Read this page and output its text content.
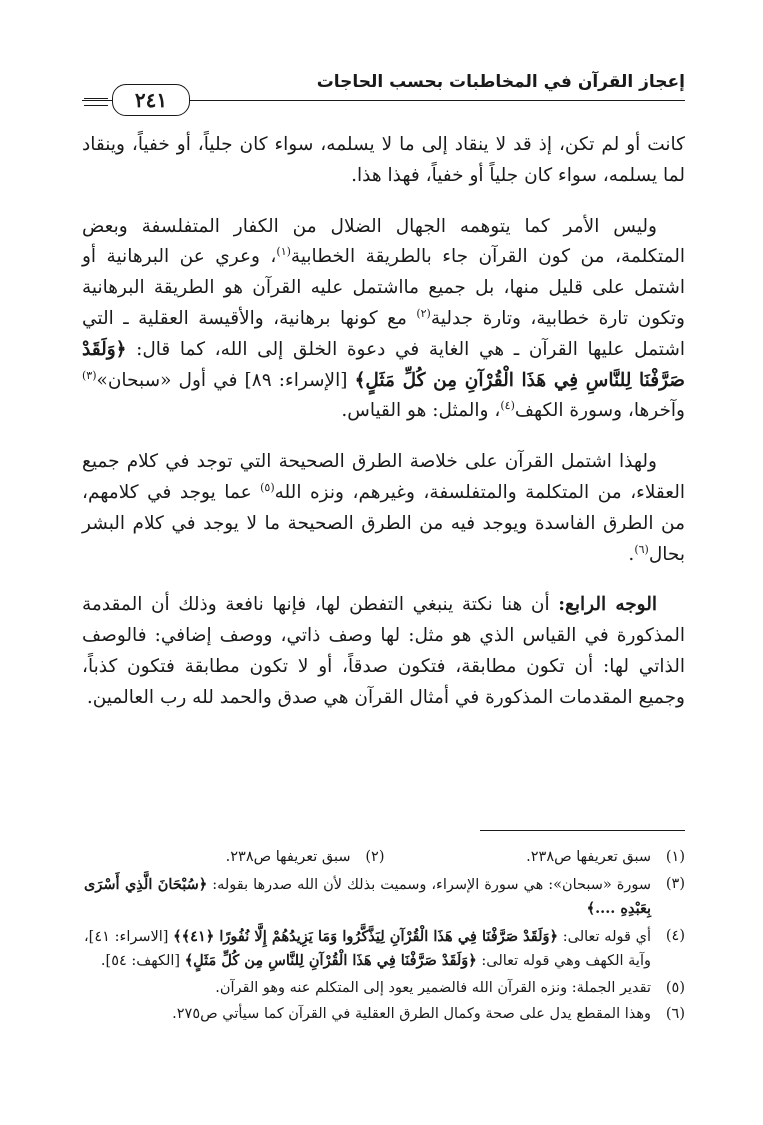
إعجاز القرآن في المخاطبات بحسب الحاجات
٢٤١

كانت أو لم تكن، إذ قد لا ينقاد إلى ما لا يسلمه، سواء كان جلياً، أو خفياً، وينقاد لما يسلمه، سواء كان جلياً أو خفياً، فهذا هذا.

وليس الأمر كما يتوهمه الجهال الضلال من الكفار المتفلسفة وبعض المتكلمة، من كون القرآن جاء بالطريقة الخطابية$^{(١)}$، وعري عن البرهانية أو اشتمل على قليل منها، بل جميع مااشتمل عليه القرآن هو الطريقة البرهانية وتكون تارة خطابية، وتارة جدلية$^{(٢)}$ مع كونها برهانية، والأقيسة العقلية ـ التي اشتمل عليها القرآن ـ هي الغاية في دعوة الخلق إلى الله، كما قال: ﴿وَلَقَدْ صَرَّفْنَا لِلنَّاسِ فِي هَذَا الْقُرْآنِ مِن كُلِّ مَثَلٍ﴾ [الإسراء: ٨٩] في أول «سبحان»$^{(٣)}$ وآخرها، وسورة الكهف$^{(٤)}$، والمثل: هو القياس.

ولهذا اشتمل القرآن على خلاصة الطرق الصحيحة التي توجد في كلام جميع العقلاء، من المتكلمة والمتفلسفة، وغيرهم، ونزه الله$^{(٥)}$ عما يوجد في كلامهم، من الطرق الفاسدة ويوجد فيه من الطرق الصحيحة ما لا يوجد في كلام البشر بحال$^{(٦)}$.

الوجه الرابع: أن هنا نكتة ينبغي التفطن لها، فإنها نافعة وذلك أن المقدمة المذكورة في القياس الذي هو مثل: لها وصف ذاتي، ووصف إضافي: فالوصف الذاتي لها: أن تكون مطابقة، فتكون صدقاً، أو لا تكون مطابقة فتكون كذباً، وجميع المقدمات المذكورة في أمثال القرآن هي صدق والحمد لله رب العالمين.

(١)
سبق تعريفها ص٢٣٨.
(٢)
سبق تعريفها ص٢٣٨.
(٣)
سورة «سبحان»: هي سورة الإسراء، وسميت بذلك لأن الله صدرها بقوله: ﴿سُبْحَانَ الَّذِي أَسْرَى بِعَبْدِهِ ....﴾
(٤)
أي قوله تعالى: ﴿وَلَقَدْ صَرَّفْنَا فِي هَذَا الْقُرْآنِ لِيَذَّكَّرُوا وَمَا يَزِيدُهُمْ إِلَّا نُفُورًا ﴿٤١﴾﴾ [الاسراء: ٤١]، وآية الكهف وهي قوله تعالى: ﴿وَلَقَدْ صَرَّفْنَا فِي هَذَا الْقُرْآنِ لِلنَّاسِ مِن كُلِّ مَثَلٍ﴾ [الكهف: ٥٤].
(٥)
تقدير الجملة: ونزه القرآن الله فالضمير يعود إلى المتكلم عنه وهو القرآن.
(٦)
وهذا المقطع يدل على صحة وكمال الطرق العقلية في القرآن كما سيأتي ص٢٧٥.
